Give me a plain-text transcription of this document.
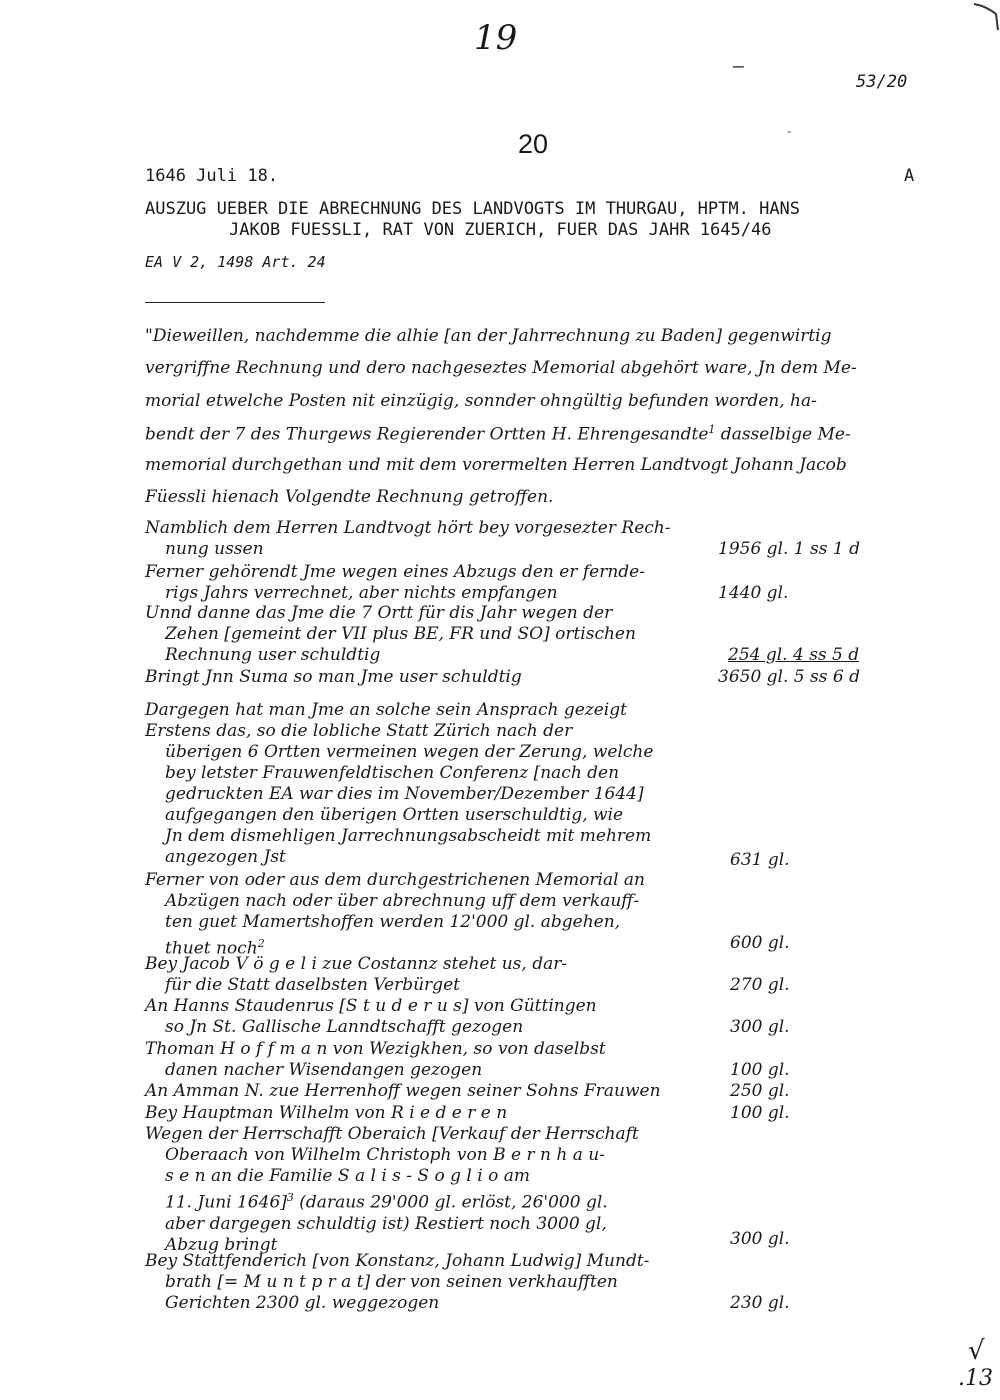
19
–
53/20
20	-
1646 Juli 18.	A
AUSZUG UEBER DIE ABRECHNUNG DES LANDVOGTS IM THURGAU, HPTM. HANS
JAKOB FUESSLI, RAT VON ZUERICH, FUER DAS JAHR 1645/46
EA V 2, 1498 Art. 24
"Dieweillen, nachdemme die alhie [an der Jahrrechnung zu Baden] gegenwirtig
vergriffne Rechnung und dero nachgeseztes Memorial abgehört ware, Jn dem Me-
morial etwelche Posten nit einzügig, sonnder ohngültig befunden worden, ha-
bendt der 7 des Thurgews Regierender Ortten H. Ehrengesandte$^1$ dasselbige Me-
memorial durchgethan und mit dem vorermelten Herren Landtvogt Johann Jacob
Füessli hienach Volgendte Rechnung getroffen.
Namblich dem Herren Landtvogt hört bey vorgesezter Rech-
nung ussen	1956 gl. 1 ss 1 d
Ferner gehörendt Jme wegen eines Abzugs den er fernde-
rigs Jahrs verrechnet, aber nichts empfangen	1440 gl.
Unnd danne das Jme die 7 Ortt für dis Jahr wegen der
Zehen [gemeint der VII plus BE, FR und SO] ortischen
Rechnung user schuldtig	254 gl. 4 ss 5 d
Bringt Jnn Suma so man Jme user schuldtig	3650 gl. 5 ss 6 d
Dargegen hat man Jme an solche sein Ansprach gezeigt
Erstens das, so die lobliche Statt Zürich nach der
überigen 6 Ortten vermeinen wegen der Zerung, welche
bey letster Frauwenfeldtischen Conferenz [nach den
gedruckten EA war dies im November/Dezember 1644]
aufgegangen den überigen Ortten userschuldtig, wie
Jn dem dismehligen Jarrechnungsabscheidt mit mehrem
angezogen Jst	631 gl.
Ferner von oder aus dem durchgestrichenen Memorial an
Abzügen nach oder über abrechnung uff dem verkauff-
ten guet Mamertshoffen werden 12'000 gl. abgehen,
thuet noch$^2$	600 gl.
Bey Jacob V ö g e l i zue Costannz stehet us, dar-
für die Statt daselbsten Verbürget	270 gl.
An Hanns Staudenrus [S t u d e r u s] von Güttingen
so Jn St. Gallische Lanndtschafft gezogen	300 gl.
Thoman H o f f m a n von Wezigkhen, so von daselbst
danen nacher Wisendangen gezogen	100 gl.
An Amman N. zue Herrenhoff wegen seiner Sohns Frauwen	250 gl.
Bey Hauptman Wilhelm von R i e d e r e n	100 gl.
Wegen der Herrschafft Oberaich [Verkauf der Herrschaft
Oberaach von Wilhelm Christoph von B e r n h a u-
s e n an die Familie S a l i s - S o g l i o am
11. Juni 1646]$^3$ (daraus 29'000 gl. erlöst, 26'000 gl.
aber dargegen schuldtig ist) Restiert noch 3000 gl,
Abzug bringt	300 gl.
Bey Stattfenderich [von Konstanz, Johann Ludwig] Mundt-
brath [= M u n t p r a t] der von seinen verkhaufften
Gerichten 2300 gl. weggezogen	230 gl.
√
.13
